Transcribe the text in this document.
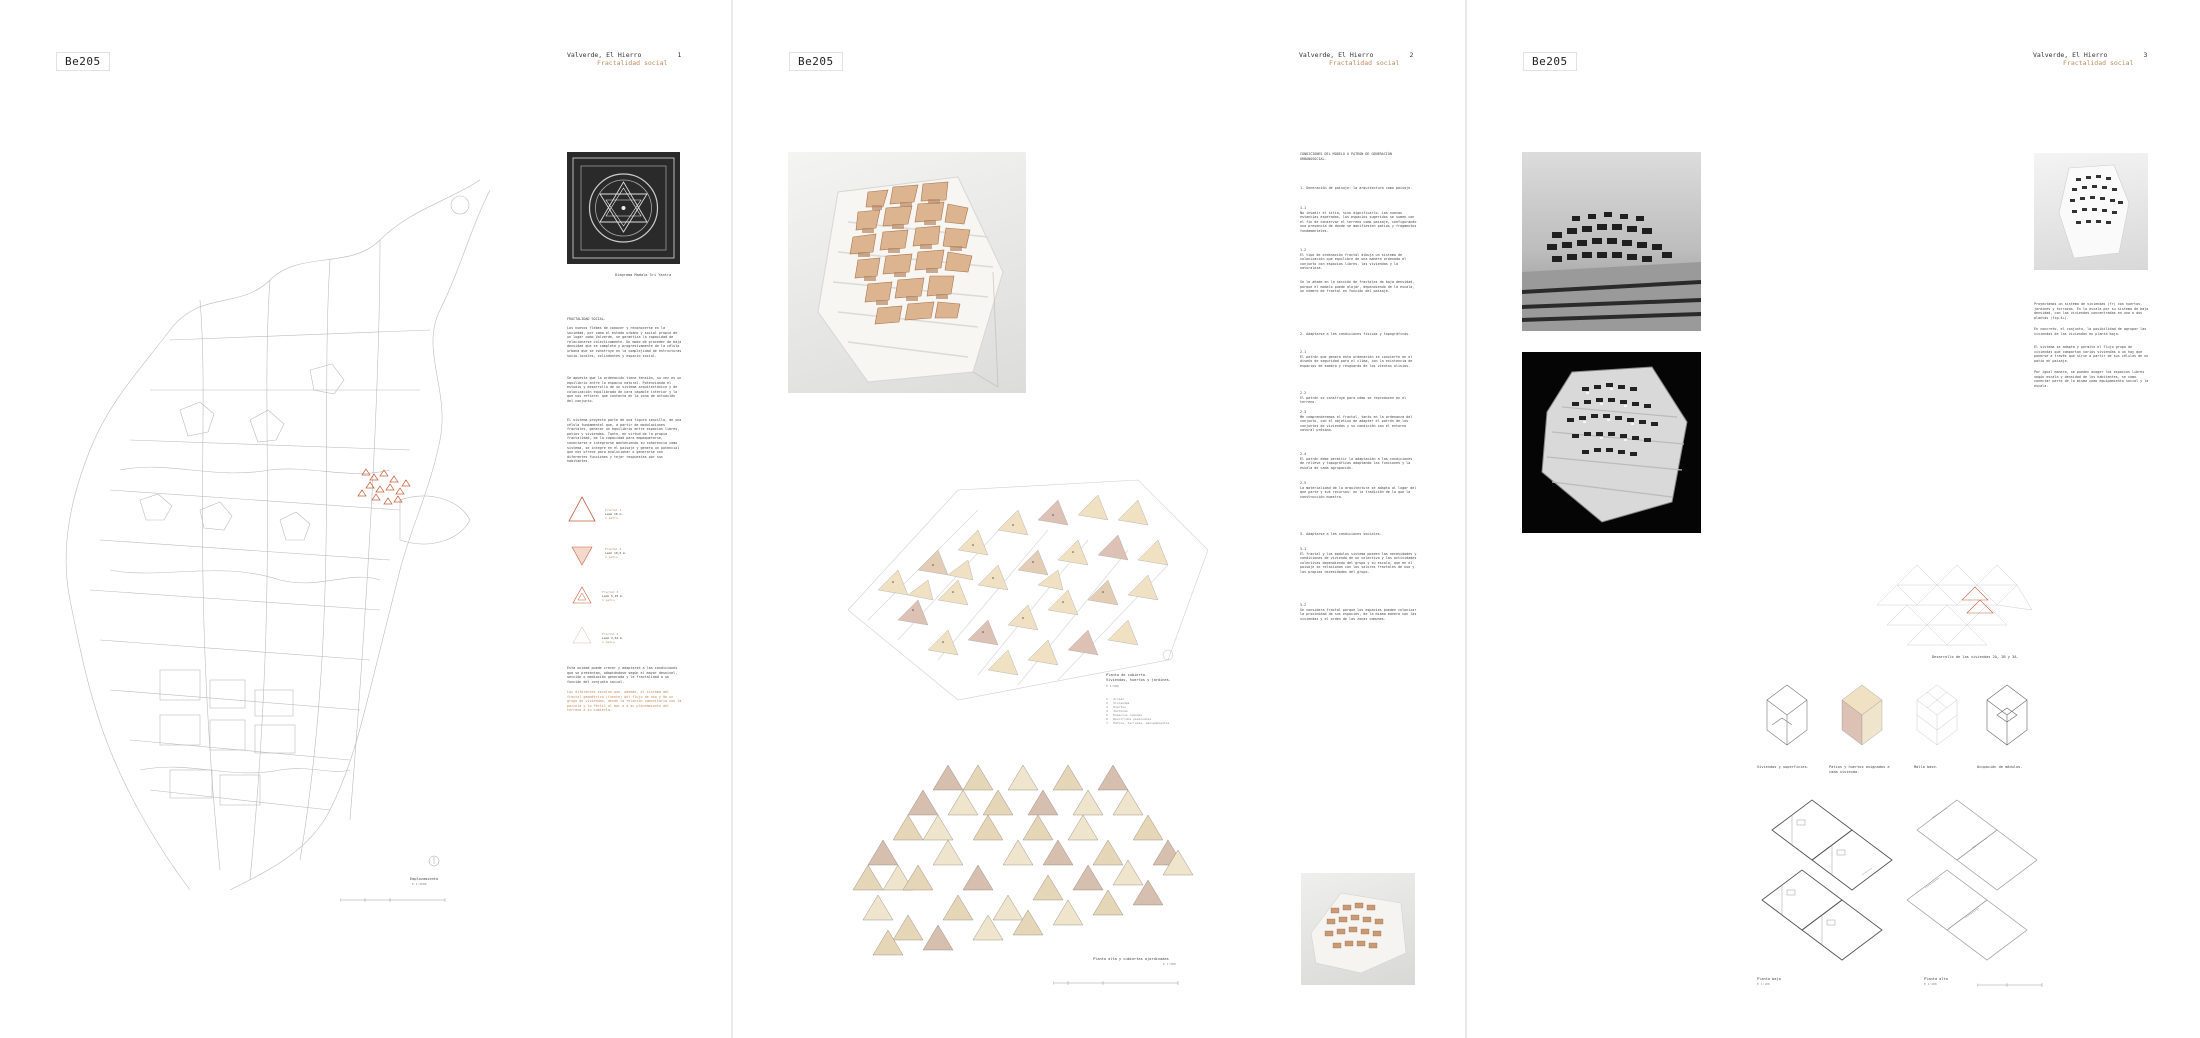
Be205	Valverde, El Hierro
Fractalidad social
1
Emplazamiento
E 1:2000
Diagrama Madala Sri Yantra
FRACTALIDAD SOCIAL.
Los nuevos flebes de conocer y reconocerse en la sociedad, por como el estado urbano y social propio de un lugar como Valverde, se garantiza la capacidad de relacionarse colectivamente. Un modo de proceder de baja densidad que se complete y progresivamente de la célula urbana que se construye en la complejidad de estructuras socio-locales, colindantes y espacio social.
Se apuesta que la ordenación tiene tensión, su vez es un equilibrio entre lo espacio natural. Potenciando el estudio y desarrollo de un sistema arquitectónico y de colonización equilibrada de cara capable interior y lo que nos refiere: que contacta en la zona de actuación del conjunto.
El sistema proyecto parte de una figura sencilla, de una célula fundamental que, a partir de modulaciones fractales, generar un equilibrio entre espacios libres, patios y viviendas. Tanto, en virtud de la propia fractalidad, de la capacidad para empaquetarse, conectarse e integrarse manteniendo su coherencia como sistema, se integre en el paisaje y genera un potencial que nos ofrece para evolucionar o generarse con diferentes funciones y tejer respuestas por sus habitantes.
Fractal 1
Lado 16 m.
1 patio
Fractal 2
Lado 10,5 m.
1 patio
Fractal 3
Lado 5,25 m.
1 patio
Fractal 4
Lado 2,63 m.
1 patio
Esta unidad puede crecer y adaptarse a las condiciones que se presentan, adaptándose según el mayor desnivel, sección o mediación generada y la fractalidad a un función del conjunto social.
Las diferentes escalas que, además, el sistema del fractal geométrico (fuente) del flujo de uso y de un grupo de viviendas, desde la relación comunitaria con la parcela y lo fértil al mar o a su planeamiento del terreno a su cubierta.
Be205	Valverde, El Hierro
Fractalidad social
2
CONDICIONES DEL MODELO A PATRON DE GENERACIÓN URBANOSOCIAL.
1. Generación de paisaje: la arquitectura como paisaje.
1.1
No invadir el sitio, sino dignificarlo. Las nuevas estancias esperadas, los espacios sugeridos se sumen con el fin de conservar el terreno como paisaje, configurando una presencia de donde se manifiesten patios y fragmentos fundamentales.
1.2
El tipo de ordenación fractal dibuja un sistema de colonización que equilibre de una manera ordenada el conjunto con espacios libres, las viviendas y la naturaleza.
Se le añade en la sección de fractales de baja densidad, porque el modelo puede alojar, dependiendo de la escala, un número de fractal en función del paisaje.
2. Adaptarse a las condiciones físicas y topográficas.
2.1
El patrón que genera esta ordenación se convierte en el diseño de seguridad para el clima, con la existencia de espacios de sombra y resguardo de los vientos alisios.
2.2
El patrón se construye para cómo se reproducen en el terreno.
2.3
Me comprenderemos el fractal, tanto en la ordenanza del conjunto, con el objetivo de adaptar el patrón de los conjuntos de viviendas y su condición con el entorno natural próximo.
2.4
El patrón debe permitir la adaptación a las condiciones de relieve y topográficas adaptando las funciones y la escala de cada agrupación.
2.5
La materialidad de la arquitectura se adapta al lugar del que parte y sus recursos: en la tradición de la que la construcción muestra.
3. Adaptarse a las condiciones sociales.
3.1
El fractal y los modulos sistema poseen las necesidades y condiciones de vivienda de un colectivo y las actividades colectivas dependiendo del grupo y su escala, que en el paisaje se relacionan con los valores fractales de uso y las propias necesidades del grupo.
3.2
Se considera fractal porque los espacios pueden colonizar la proximidad de sus espacios, de la misma manera con las viviendas y el orden de las zonas comunes.
Planta de cubierta.
Viviendas, huertos y jardines.
E 1:500
1 Acceso
2 Viviendas
3 Huertos
4 Jardines
5 Espacios comunes
6 Recorridos peatonales
7 Patios, terrazas, equipamientos
Planta alta y cubiertas ajardinadas
E 1:500
Be205	Valverde, El Hierro
Fractalidad social
3
Proyectamos un sistema de viviendas (fr) con huertos, jardines y terrazas. En la escala por su sistema de baja densidad, con las viviendas concentradas en una o dos plantas (fig.4+).
En concreto, el conjunto, la posibilidad de agrupar las viviendas de las viviendas en planta baja.
El sistema se adapta y permite el flujo grupo de viviendas que compartan varios viviendas a un hay que ponerse a través que sirve a partir de sus células de un patio en paisaje.
Por igual manera, se pueden acoger los espacios libres según escala y densidad de los habitantes, se como conectar parte de la misma como equipamiento social y la escala.
Desarrollo de las viviendas 2A, 2B y 3A.
Viviendas y superficies.	Patios y huertos asignados a cada vivienda.
Malla base.	Ocupación de módulos.
Planta baja
E 1:100
Planta alta
E 1:100
